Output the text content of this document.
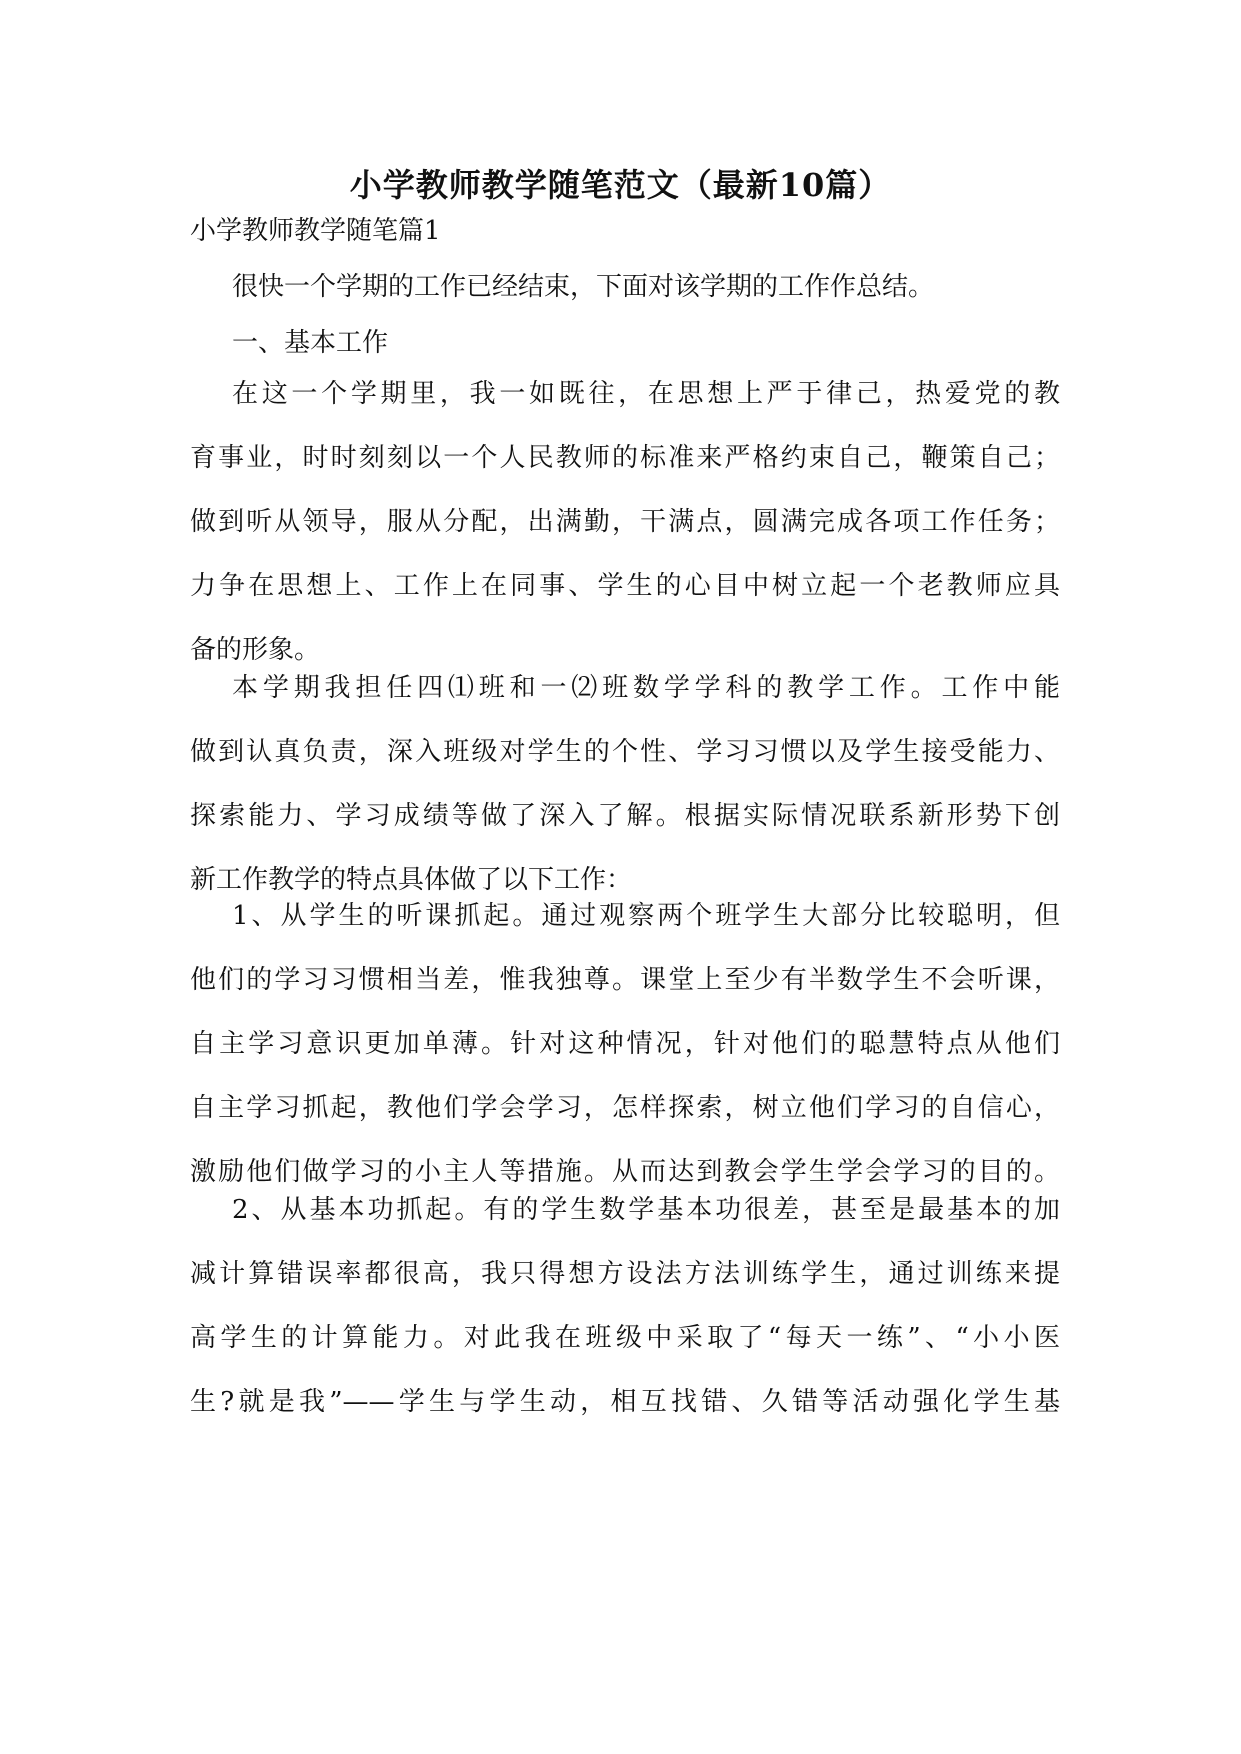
小学教师教学随笔范文（最新10篇）
小学教师教学随笔篇1
很快一个学期的工作已经结束，下面对该学期的工作作总结。
一、基本工作
在这一个学期里，我一如既往，在思想上严于律己，热爱党的教
育事业，时时刻刻以一个人民教师的标准来严格约束自己，鞭策自己；
做到听从领导，服从分配，出满勤，干满点，圆满完成各项工作任务；
力争在思想上、工作上在同事、学生的心目中树立起一个老教师应具
备的形象。
本学期我担任四⑴班和一⑵班数学学科的教学工作。工作中能
做到认真负责，深入班级对学生的个性、学习习惯以及学生接受能力、
探索能力、学习成绩等做了深入了解。根据实际情况联系新形势下创
新工作教学的特点具体做了以下工作：
1、从学生的听课抓起。通过观察两个班学生大部分比较聪明，但
他们的学习习惯相当差，惟我独尊。课堂上至少有半数学生不会听课，
自主学习意识更加单薄。针对这种情况，针对他们的聪慧特点从他们
自主学习抓起，教他们学会学习，怎样探索，树立他们学习的自信心，
激励他们做学习的小主人等措施。从而达到教会学生学会学习的目的。
2、从基本功抓起。有的学生数学基本功很差，甚至是最基本的加
减计算错误率都很高，我只得想方设法方法训练学生，通过训练来提
高学生的计算能力。对此我在班级中采取了“每天一练”、“小小医
生?就是我”——学生与学生动，相互找错、久错等活动强化学生基
